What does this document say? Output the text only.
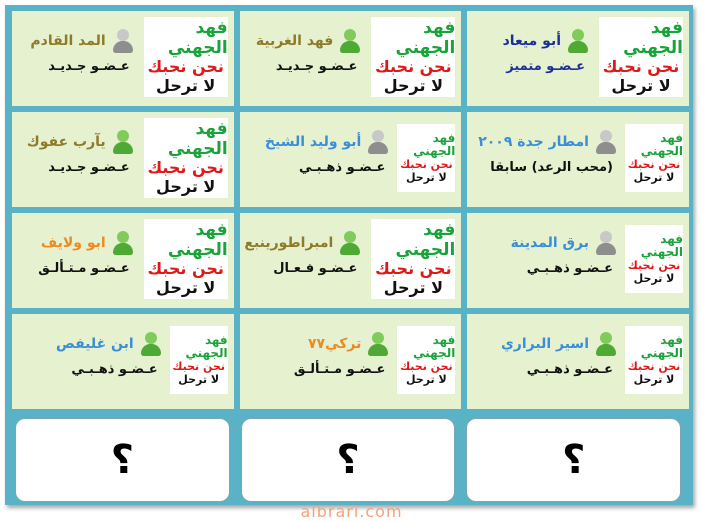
فهد الجهني
نحن نحبك
لا ترحل
أبو ميعاد
عـضـو متميز
فهد الجهني
نحن نحبك
لا ترحل
فهد الغربية
عـضـو جـديـد
فهد الجهني
نحن نحبك
لا ترحل
المد القادم
عـضـو جـديـد
فهد الجهني
نحن نحبك
لا ترحل
امطار جدة ٢٠٠٩
(محب الرعد) سابقا
فهد الجهني
نحن نحبك
لا ترحل
أبو وليد الشيخ
عـضـو ذهـبـي
فهد الجهني
نحن نحبك
لا ترحل
يآرب عفوك
عـضـو جـديـد
فهد الجهني
نحن نحبك
لا ترحل
برق المدينة
عـضـو ذهـبـي
فهد الجهني
نحن نحبك
لا ترحل
امبراطورينبع
عـضـو فـعـال
فهد الجهني
نحن نحبك
لا ترحل
ابو ولايف
عـضـو مـتـألـق
فهد الجهني
نحن نحبك
لا ترحل
اسير البراري
عـضـو ذهـبـي
فهد الجهني
نحن نحبك
لا ترحل
تركي٧٧
عـضـو مـتـألـق
فهد الجهني
نحن نحبك
لا ترحل
ابن غليفص
عـضـو ذهـبـي
؟	؟	؟
albrari.com
